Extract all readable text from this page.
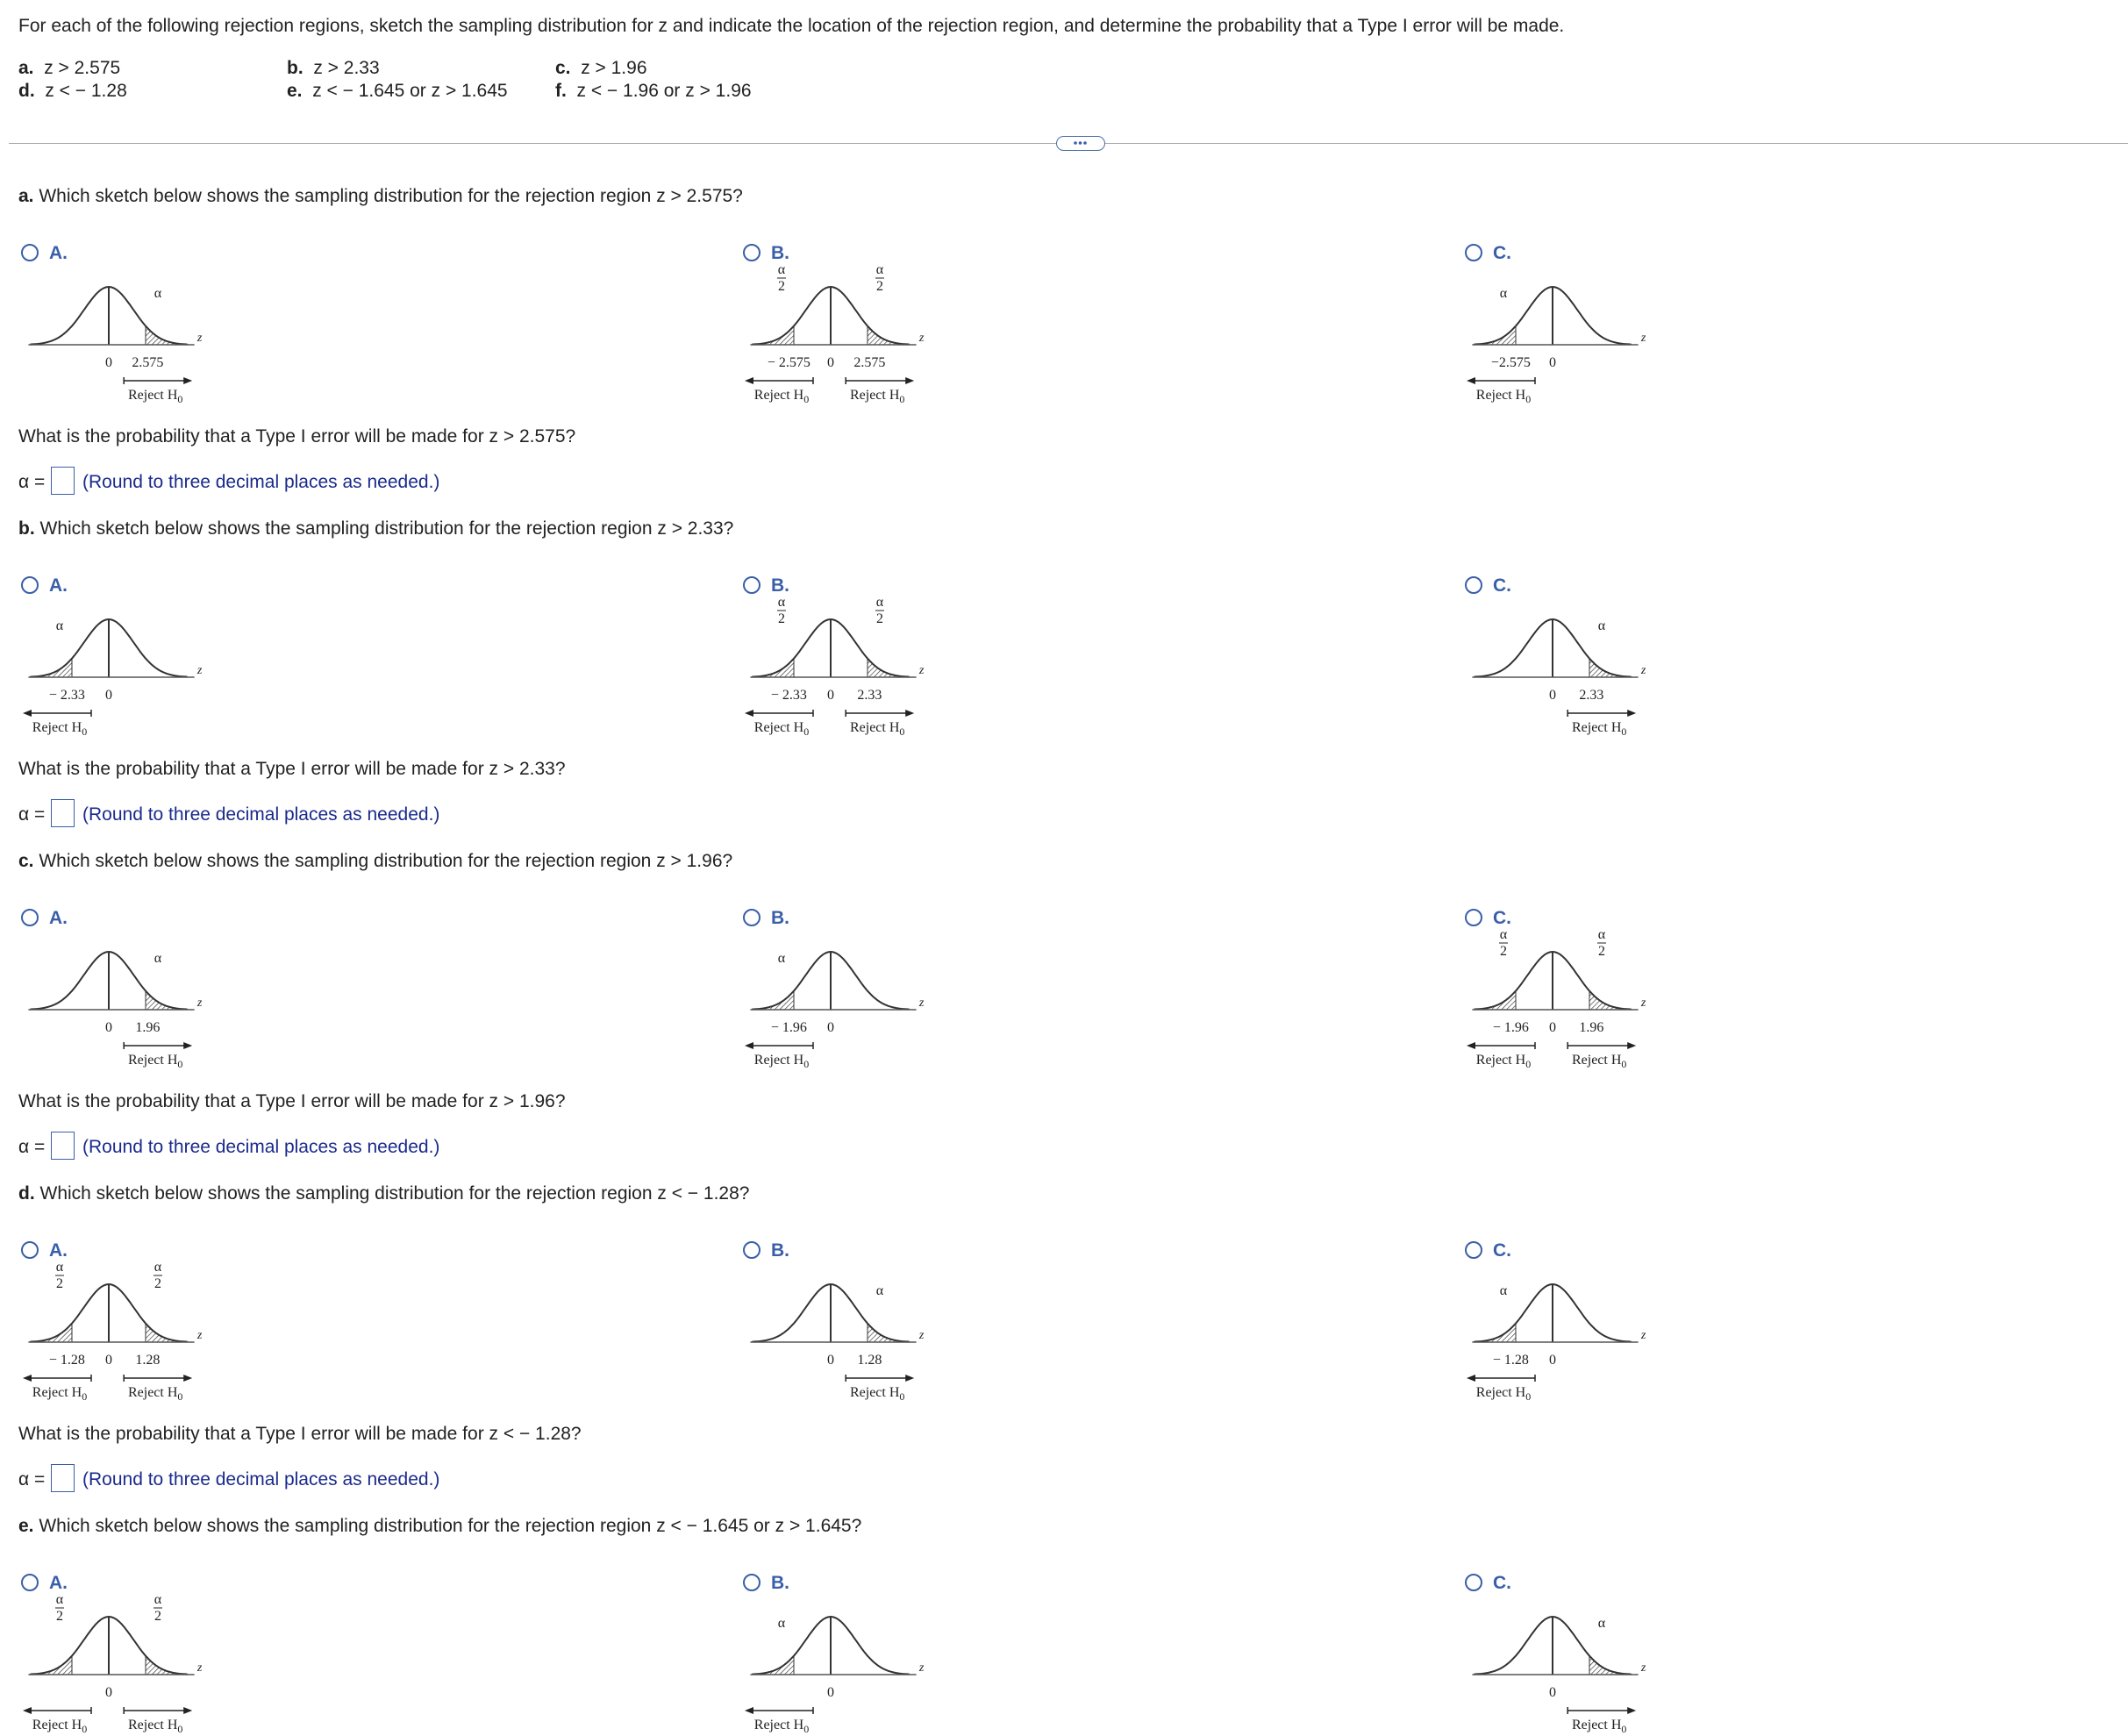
For each of the following rejection regions, sketch the sampling distribution for z and indicate the location of the rejection region, and determine the probability that a Type I error will be made.
a. z > 2.575	b. z > 2.33	c. z > 1.96
d. z < − 1.28	e. z < − 1.645 or z > 1.645	f. z < − 1.96 or z > 1.96
a. Which sketch below shows the sampling distribution for the rejection region z > 2.575?
A.
z
0
α
2.575
Reject $H_0$
B.
z
0
α
2
α
2
− 2.575	2.575
Reject $H_0$	Reject $H_0$
C.
z
0
α
−2.575
Reject $H_0$
What is the probability that a Type I error will be made for z > 2.575?
α = (Round to three decimal places as needed.)
b. Which sketch below shows the sampling distribution for the rejection region z > 2.33?
A.
z
0
α
− 2.33
Reject $H_0$
B.
z
0
α
2
α
2
− 2.33	2.33
Reject $H_0$	Reject $H_0$
C.
z
0
α
2.33
Reject $H_0$
What is the probability that a Type I error will be made for z > 2.33?
α = (Round to three decimal places as needed.)
c. Which sketch below shows the sampling distribution for the rejection region z > 1.96?
A.
z
0
α
1.96
Reject $H_0$
B.
z
0
α
− 1.96
Reject $H_0$
C.
z
0
α
2
α
2
− 1.96	1.96
Reject $H_0$	Reject $H_0$
What is the probability that a Type I error will be made for z > 1.96?
α = (Round to three decimal places as needed.)
d. Which sketch below shows the sampling distribution for the rejection region z < − 1.28?
A.
z
0
α
2
α
2
− 1.28	1.28
Reject $H_0$	Reject $H_0$
B.
z
0
α
1.28
Reject $H_0$
C.
z
0
α
− 1.28
Reject $H_0$
What is the probability that a Type I error will be made for z < − 1.28?
α = (Round to three decimal places as needed.)
e. Which sketch below shows the sampling distribution for the rejection region z < − 1.645 or z > 1.645?
A.
z
0
α
2
α
2
Reject $H_0$	Reject $H_0$
B.
z
0
α
Reject $H_0$
C.
z
0
α
Reject $H_0$
